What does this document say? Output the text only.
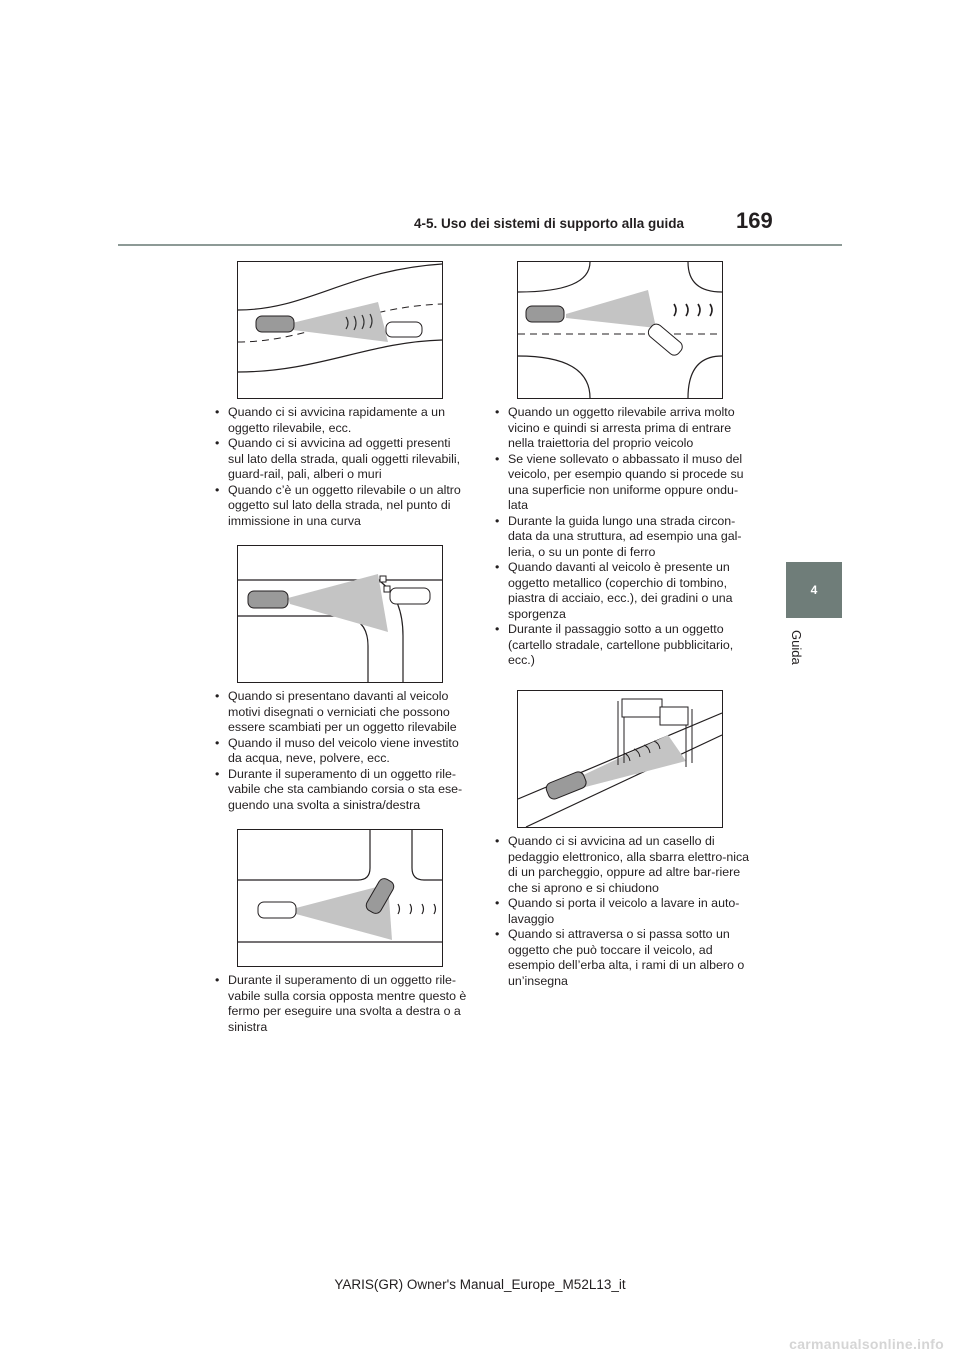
4-5. Uso dei sistemi di supporto alla guida 169
4
Guida
• Quando ci si avvicina rapidamente a un oggetto rilevabile, ecc.
• Quando ci si avvicina ad oggetti presenti sul lato della strada, quali oggetti rilevabili, guard-rail, pali, alberi o muri
• Quando c’è un oggetto rilevabile o un altro oggetto sul lato della strada, nel punto di immissione in una curva
• Quando si presentano davanti al veicolo motivi disegnati o verniciati che possono essere scambiati per un oggetto rilevabile
• Quando il muso del veicolo viene investito da acqua, neve, polvere, ecc.
• Durante il superamento di un oggetto rile-vabile che sta cambiando corsia o sta ese-guendo una svolta a sinistra/destra
• Durante il superamento di un oggetto rile-vabile sulla corsia opposta mentre questo è fermo per eseguire una svolta a destra o a sinistra
• Quando un oggetto rilevabile arriva molto vicino e quindi si arresta prima di entrare nella traiettoria del proprio veicolo
• Se viene sollevato o abbassato il muso del veicolo, per esempio quando si procede su una superficie non uniforme oppure ondu-lata
• Durante la guida lungo una strada circon-data da una struttura, ad esempio una gal-leria, o su un ponte di ferro
• Quando davanti al veicolo è presente un oggetto metallico (coperchio di tombino, piastra di acciaio, ecc.), dei gradini o una sporgenza
• Durante il passaggio sotto a un oggetto (cartello stradale, cartellone pubblicitario, ecc.)
• Quando ci si avvicina ad un casello di pedaggio elettronico, alla sbarra elettro-nica di un parcheggio, oppure ad altre bar-riere che si aprono e si chiudono
• Quando si porta il veicolo a lavare in auto-lavaggio
• Quando si attraversa o si passa sotto un oggetto che può toccare il veicolo, ad esempio dell’erba alta, i rami di un albero o un’insegna
YARIS(GR) Owner's Manual_Europe_M52L13_it
carmanualsonline.info
